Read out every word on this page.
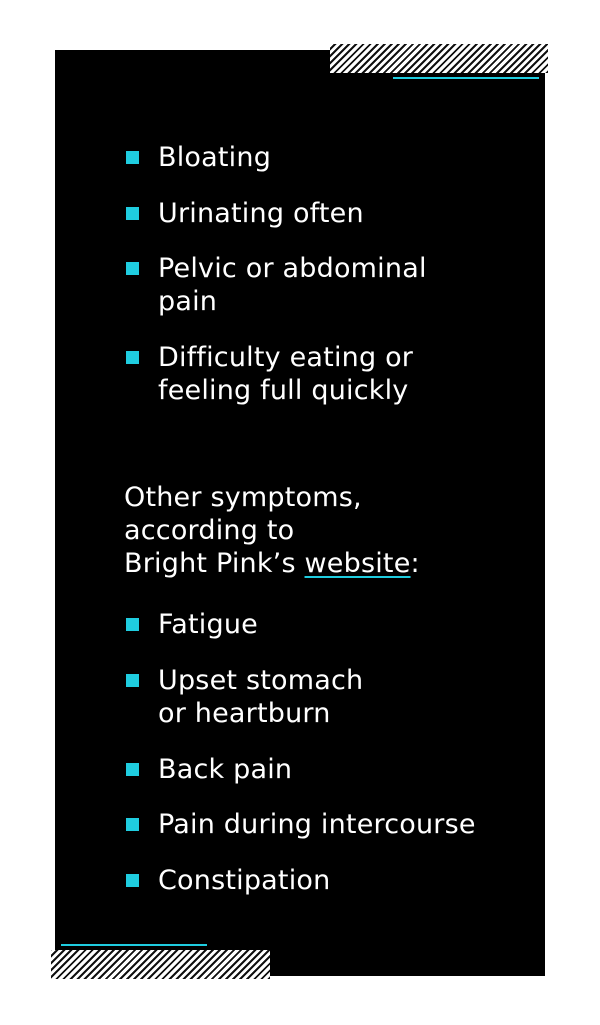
Bloating
Urinating often
Pelvic or abdominal
pain
Difficulty eating or
feeling full quickly
Other symptoms,
according to
Bright Pink’s website:
Fatigue
Upset stomach
or heartburn
Back pain
Pain during intercourse
Constipation
